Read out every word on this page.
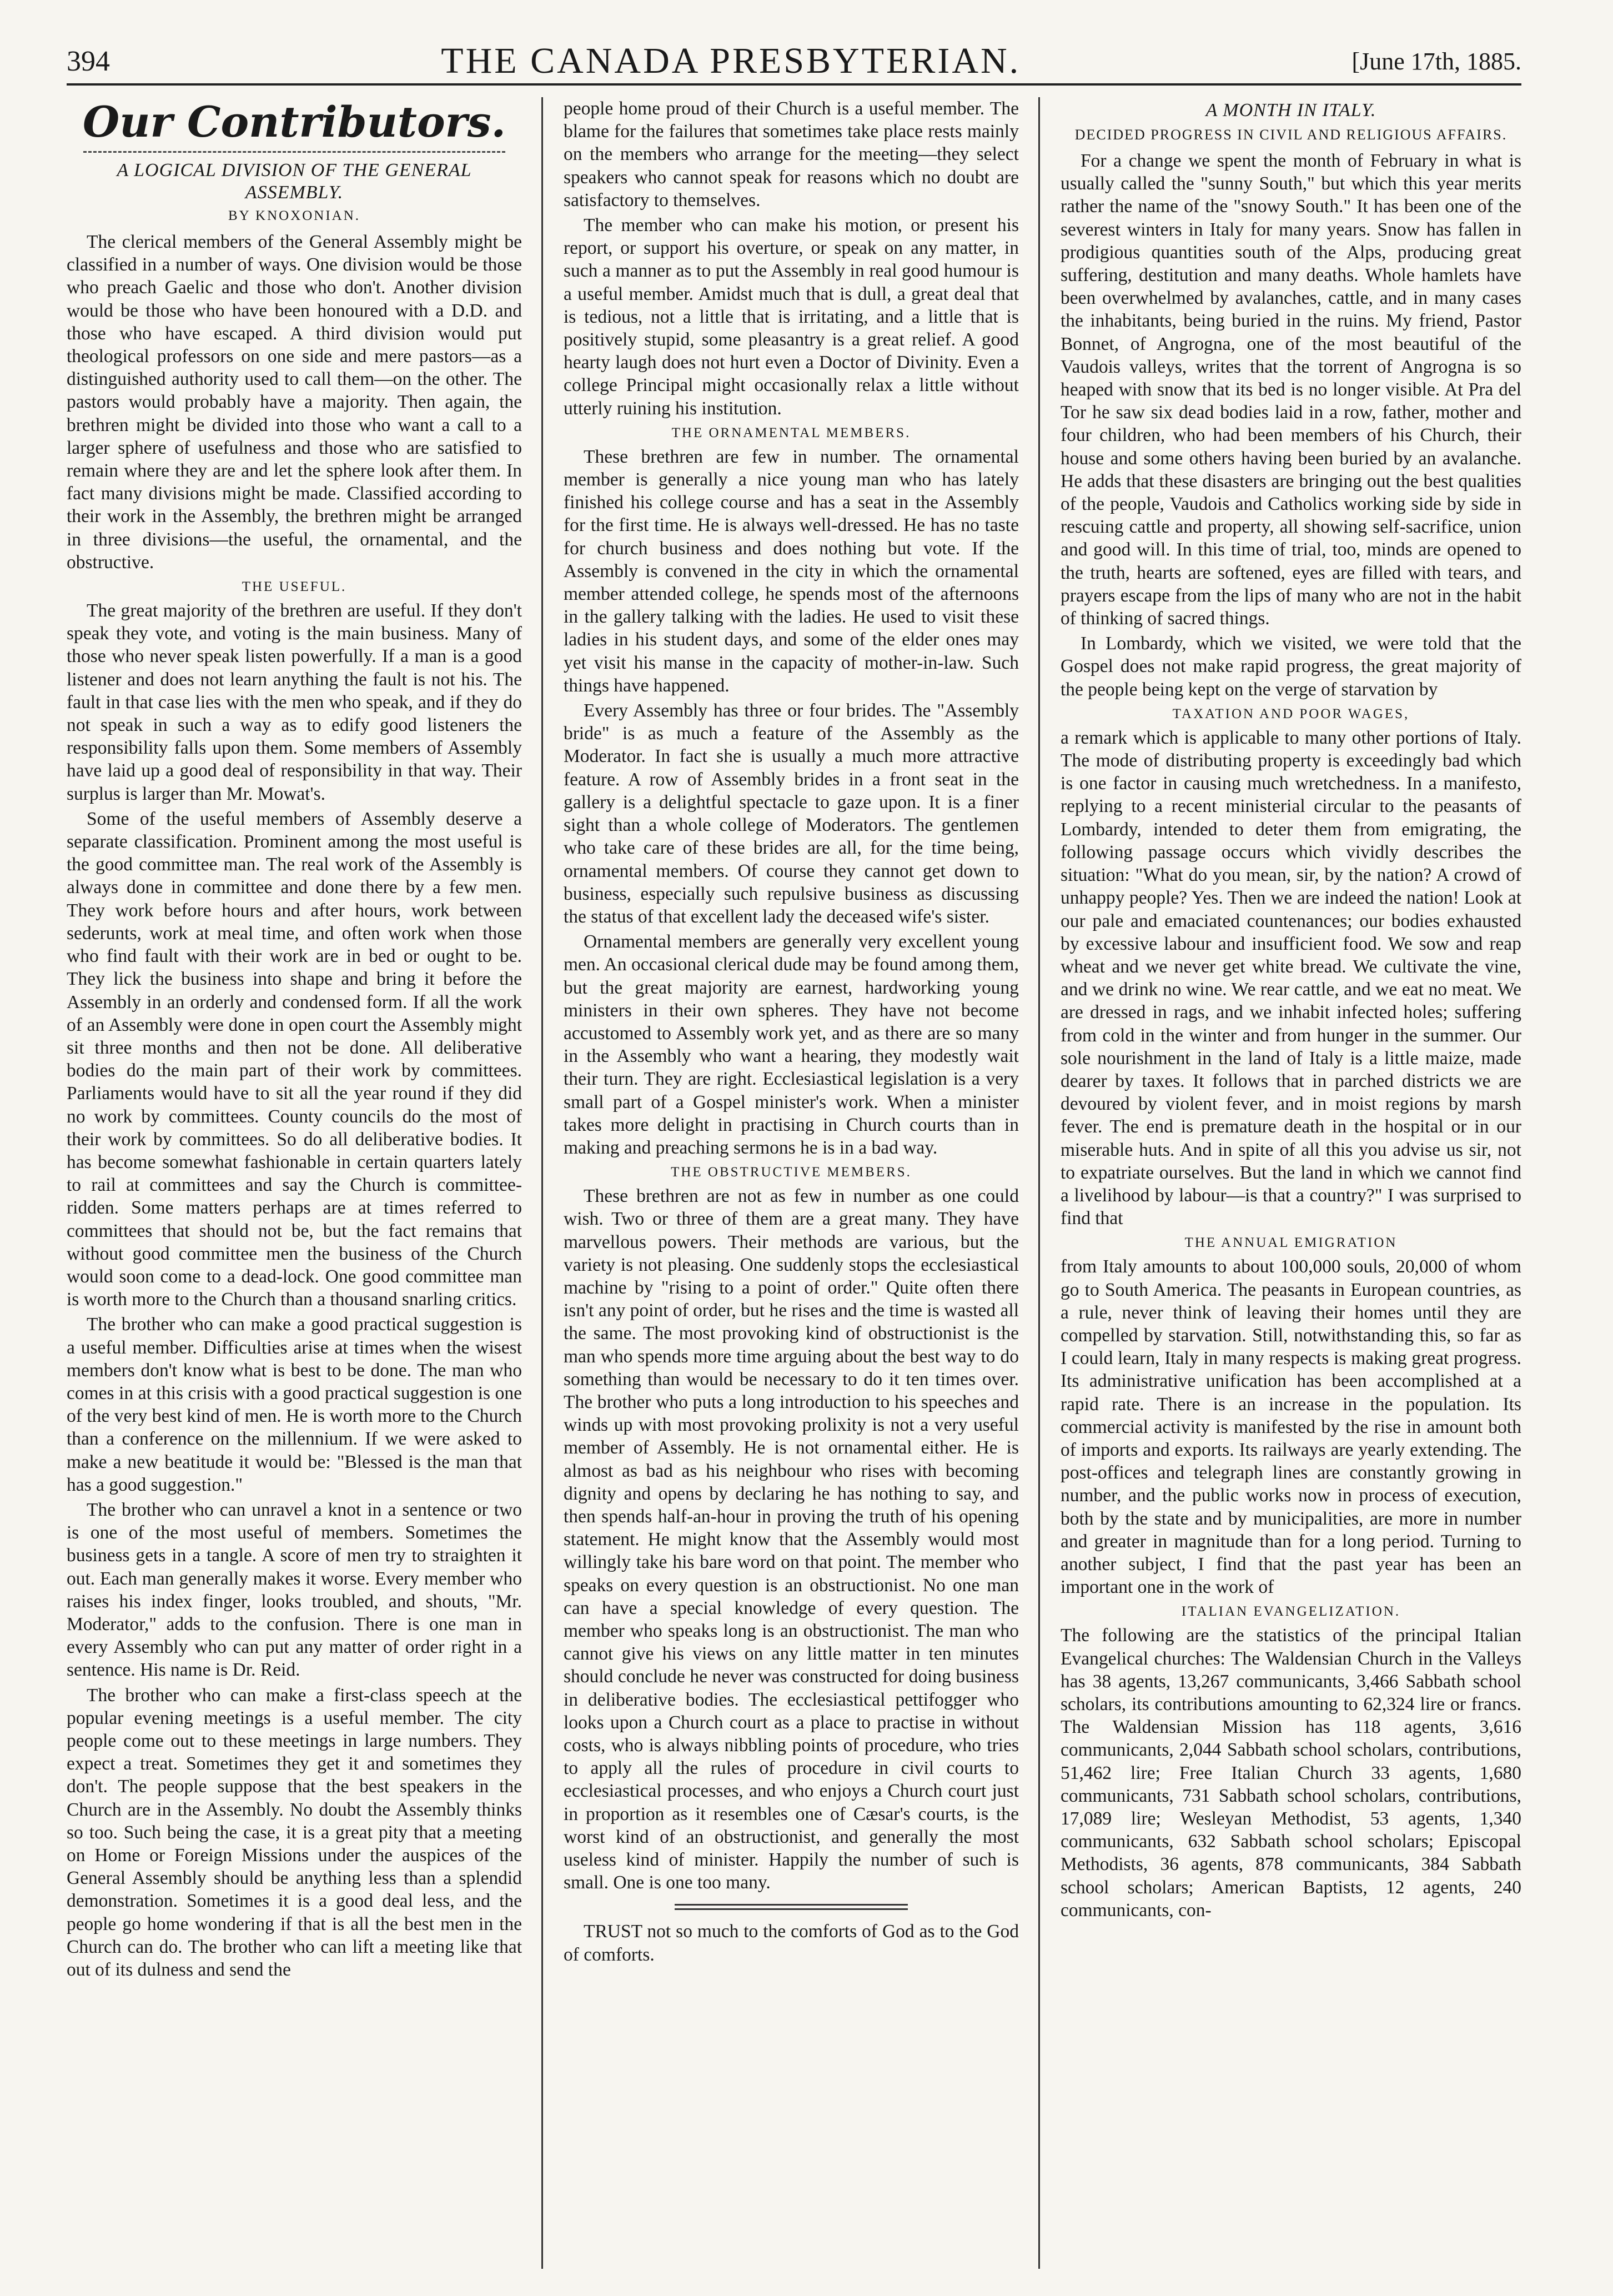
394	THE CANADA PRESBYTERIAN.	[June 17th, 1885.
Our Contributors.
A LOGICAL DIVISION OF THE GENERAL ASSEMBLY.
BY KNOXONIAN.

The clerical members of the General Assembly might be classified in a number of ways. One division would be those who preach Gaelic and those who don't. Another division would be those who have been honoured with a D.D. and those who have escaped. A third division would put theological professors on one side and mere pastors—as a distinguished authority used to call them—on the other. The pastors would probably have a majority. Then again, the brethren might be divided into those who want a call to a larger sphere of usefulness and those who are satisfied to remain where they are and let the sphere look after them. In fact many divisions might be made. Classified according to their work in the Assembly, the brethren might be arranged in three divisions—the useful, the ornamental, and the obstructive.

THE USEFUL.

The great majority of the brethren are useful. If they don't speak they vote, and voting is the main business. Many of those who never speak listen powerfully. If a man is a good listener and does not learn anything the fault is not his. The fault in that case lies with the men who speak, and if they do not speak in such a way as to edify good listeners the responsibility falls upon them. Some members of Assembly have laid up a good deal of responsibility in that way. Their surplus is larger than Mr. Mowat's.

Some of the useful members of Assembly deserve a separate classification. Prominent among the most useful is the good committee man. The real work of the Assembly is always done in committee and done there by a few men. They work before hours and after hours, work between sederunts, work at meal time, and often work when those who find fault with their work are in bed or ought to be. They lick the business into shape and bring it before the Assembly in an orderly and condensed form. If all the work of an Assembly were done in open court the Assembly might sit three months and then not be done. All deliberative bodies do the main part of their work by committees. Parliaments would have to sit all the year round if they did no work by committees. County councils do the most of their work by committees. So do all deliberative bodies. It has become somewhat fashionable in certain quarters lately to rail at committees and say the Church is committee-ridden. Some matters perhaps are at times referred to committees that should not be, but the fact remains that without good committee men the business of the Church would soon come to a dead-lock. One good committee man is worth more to the Church than a thousand snarling critics.

The brother who can make a good practical suggestion is a useful member. Difficulties arise at times when the wisest members don't know what is best to be done. The man who comes in at this crisis with a good practical suggestion is one of the very best kind of men. He is worth more to the Church than a conference on the millennium. If we were asked to make a new beatitude it would be: "Blessed is the man that has a good suggestion."

The brother who can unravel a knot in a sentence or two is one of the most useful of members. Sometimes the business gets in a tangle. A score of men try to straighten it out. Each man generally makes it worse. Every member who raises his index finger, looks troubled, and shouts, "Mr. Moderator," adds to the confusion. There is one man in every Assembly who can put any matter of order right in a sentence. His name is Dr. Reid.

The brother who can make a first-class speech at the popular evening meetings is a useful member. The city people come out to these meetings in large numbers. They expect a treat. Sometimes they get it and sometimes they don't. The people suppose that the best speakers in the Church are in the Assembly. No doubt the Assembly thinks so too. Such being the case, it is a great pity that a meeting on Home or Foreign Missions under the auspices of the General Assembly should be anything less than a splendid demonstration. Sometimes it is a good deal less, and the people go home wondering if that is all the best men in the Church can do. The brother who can lift a meeting like that out of its dulness and send the

people home proud of their Church is a useful member. The blame for the failures that sometimes take place rests mainly on the members who arrange for the meeting—they select speakers who cannot speak for reasons which no doubt are satisfactory to themselves.

The member who can make his motion, or present his report, or support his overture, or speak on any matter, in such a manner as to put the Assembly in real good humour is a useful member. Amidst much that is dull, a great deal that is tedious, not a little that is irritating, and a little that is positively stupid, some pleasantry is a great relief. A good hearty laugh does not hurt even a Doctor of Divinity. Even a college Principal might occasionally relax a little without utterly ruining his institution.

THE ORNAMENTAL MEMBERS.

These brethren are few in number. The ornamental member is generally a nice young man who has lately finished his college course and has a seat in the Assembly for the first time. He is always well-dressed. He has no taste for church business and does nothing but vote. If the Assembly is convened in the city in which the ornamental member attended college, he spends most of the afternoons in the gallery talking with the ladies. He used to visit these ladies in his student days, and some of the elder ones may yet visit his manse in the capacity of mother-in-law. Such things have happened.

Every Assembly has three or four brides. The "Assembly bride" is as much a feature of the Assembly as the Moderator. In fact she is usually a much more attractive feature. A row of Assembly brides in a front seat in the gallery is a delightful spectacle to gaze upon. It is a finer sight than a whole college of Moderators. The gentlemen who take care of these brides are all, for the time being, ornamental members. Of course they cannot get down to business, especially such repulsive business as discussing the status of that excellent lady the deceased wife's sister.

Ornamental members are generally very excellent young men. An occasional clerical dude may be found among them, but the great majority are earnest, hardworking young ministers in their own spheres. They have not become accustomed to Assembly work yet, and as there are so many in the Assembly who want a hearing, they modestly wait their turn. They are right. Ecclesiastical legislation is a very small part of a Gospel minister's work. When a minister takes more delight in practising in Church courts than in making and preaching sermons he is in a bad way.

THE OBSTRUCTIVE MEMBERS.

These brethren are not as few in number as one could wish. Two or three of them are a great many. They have marvellous powers. Their methods are various, but the variety is not pleasing. One suddenly stops the ecclesiastical machine by "rising to a point of order." Quite often there isn't any point of order, but he rises and the time is wasted all the same. The most provoking kind of obstructionist is the man who spends more time arguing about the best way to do something than would be necessary to do it ten times over. The brother who puts a long introduction to his speeches and winds up with most provoking prolixity is not a very useful member of Assembly. He is not ornamental either. He is almost as bad as his neighbour who rises with becoming dignity and opens by declaring he has nothing to say, and then spends half-an-hour in proving the truth of his opening statement. He might know that the Assembly would most willingly take his bare word on that point. The member who speaks on every question is an obstructionist. No one man can have a special knowledge of every question. The member who speaks long is an obstructionist. The man who cannot give his views on any little matter in ten minutes should conclude he never was constructed for doing business in deliberative bodies. The ecclesiastical pettifogger who looks upon a Church court as a place to practise in without costs, who is always nibbling points of procedure, who tries to apply all the rules of procedure in civil courts to ecclesiastical processes, and who enjoys a Church court just in proportion as it resembles one of Cæsar's courts, is the worst kind of an obstructionist, and generally the most useless kind of minister. Happily the number of such is small. One is one too many.

TRUST not so much to the comforts of God as to the God of comforts.

A MONTH IN ITALY.
DECIDED PROGRESS IN CIVIL AND RELIGIOUS AFFAIRS.

For a change we spent the month of February in what is usually called the "sunny South," but which this year merits rather the name of the "snowy South." It has been one of the severest winters in Italy for many years. Snow has fallen in prodigious quantities south of the Alps, producing great suffering, destitution and many deaths. Whole hamlets have been overwhelmed by avalanches, cattle, and in many cases the inhabitants, being buried in the ruins. My friend, Pastor Bonnet, of Angrogna, one of the most beautiful of the Vaudois valleys, writes that the torrent of Angrogna is so heaped with snow that its bed is no longer visible. At Pra del Tor he saw six dead bodies laid in a row, father, mother and four children, who had been members of his Church, their house and some others having been buried by an avalanche. He adds that these disasters are bringing out the best qualities of the people, Vaudois and Catholics working side by side in rescuing cattle and property, all showing self-sacrifice, union and good will. In this time of trial, too, minds are opened to the truth, hearts are softened, eyes are filled with tears, and prayers escape from the lips of many who are not in the habit of thinking of sacred things.

In Lombardy, which we visited, we were told that the Gospel does not make rapid progress, the great majority of the people being kept on the verge of starvation by

TAXATION AND POOR WAGES,

a remark which is applicable to many other portions of Italy. The mode of distributing property is exceedingly bad which is one factor in causing much wretchedness. In a manifesto, replying to a recent ministerial circular to the peasants of Lombardy, intended to deter them from emigrating, the following passage occurs which vividly describes the situation: "What do you mean, sir, by the nation? A crowd of unhappy people? Yes. Then we are indeed the nation! Look at our pale and emaciated countenances; our bodies exhausted by excessive labour and insufficient food. We sow and reap wheat and we never get white bread. We cultivate the vine, and we drink no wine. We rear cattle, and we eat no meat. We are dressed in rags, and we inhabit infected holes; suffering from cold in the winter and from hunger in the summer. Our sole nourishment in the land of Italy is a little maize, made dearer by taxes. It follows that in parched districts we are devoured by violent fever, and in moist regions by marsh fever. The end is premature death in the hospital or in our miserable huts. And in spite of all this you advise us sir, not to expatriate ourselves. But the land in which we cannot find a livelihood by labour—is that a country?" I was surprised to find that

THE ANNUAL EMIGRATION

from Italy amounts to about 100,000 souls, 20,000 of whom go to South America. The peasants in European countries, as a rule, never think of leaving their homes until they are compelled by starvation. Still, notwithstanding this, so far as I could learn, Italy in many respects is making great progress. Its administrative unification has been accomplished at a rapid rate. There is an increase in the population. Its commercial activity is manifested by the rise in amount both of imports and exports. Its railways are yearly extending. The post-offices and telegraph lines are constantly growing in number, and the public works now in process of execution, both by the state and by municipalities, are more in number and greater in magnitude than for a long period. Turning to another subject, I find that the past year has been an important one in the work of

ITALIAN EVANGELIZATION.

The following are the statistics of the principal Italian Evangelical churches: The Waldensian Church in the Valleys has 38 agents, 13,267 communicants, 3,466 Sabbath school scholars, its contributions amounting to 62,324 lire or francs. The Waldensian Mission has 118 agents, 3,616 communicants, 2,044 Sabbath school scholars, contributions, 51,462 lire; Free Italian Church 33 agents, 1,680 communicants, 731 Sabbath school scholars, contributions, 17,089 lire; Wesleyan Methodist, 53 agents, 1,340 communicants, 632 Sabbath school scholars; Episcopal Methodists, 36 agents, 878 communicants, 384 Sabbath school scholars; American Baptists, 12 agents, 240 communicants, con-
